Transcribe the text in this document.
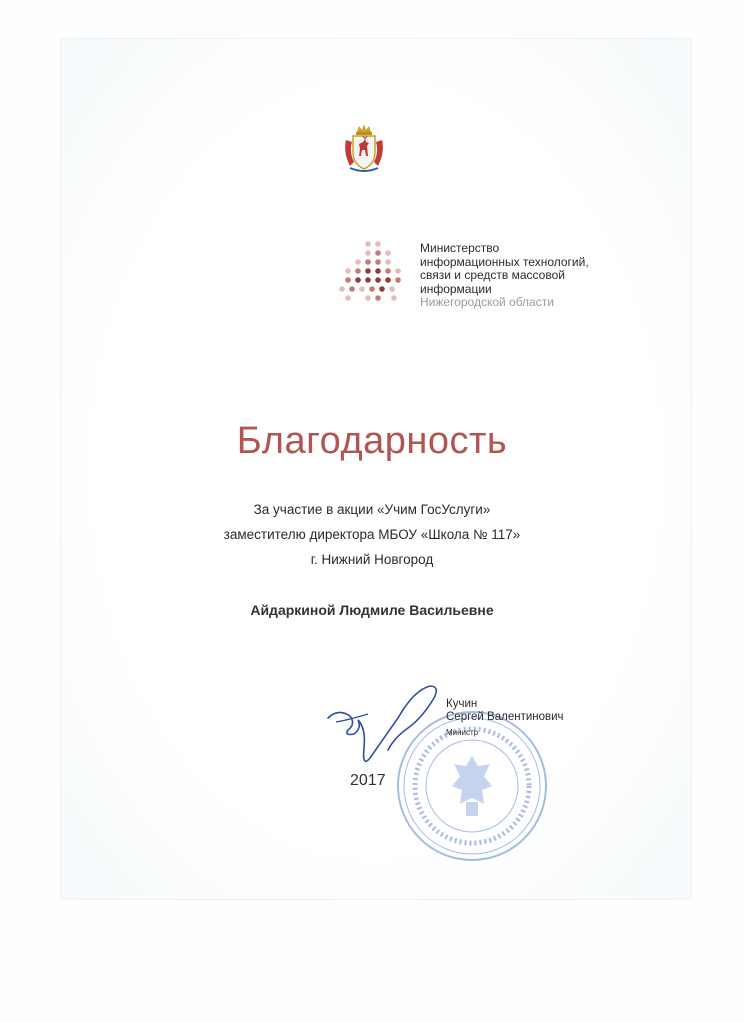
Министерство
информационных технологий,
связи и средств массовой
информации
Нижегородской области
Благодарность
За участие в акции «Учим ГосУслуги»
заместителю директора МБОУ «Школа № 117»
г. Нижний Новгород
Айдаркиной Людмиле Васильевне
Кучин
Сергей Валентинович
Министр
2017
